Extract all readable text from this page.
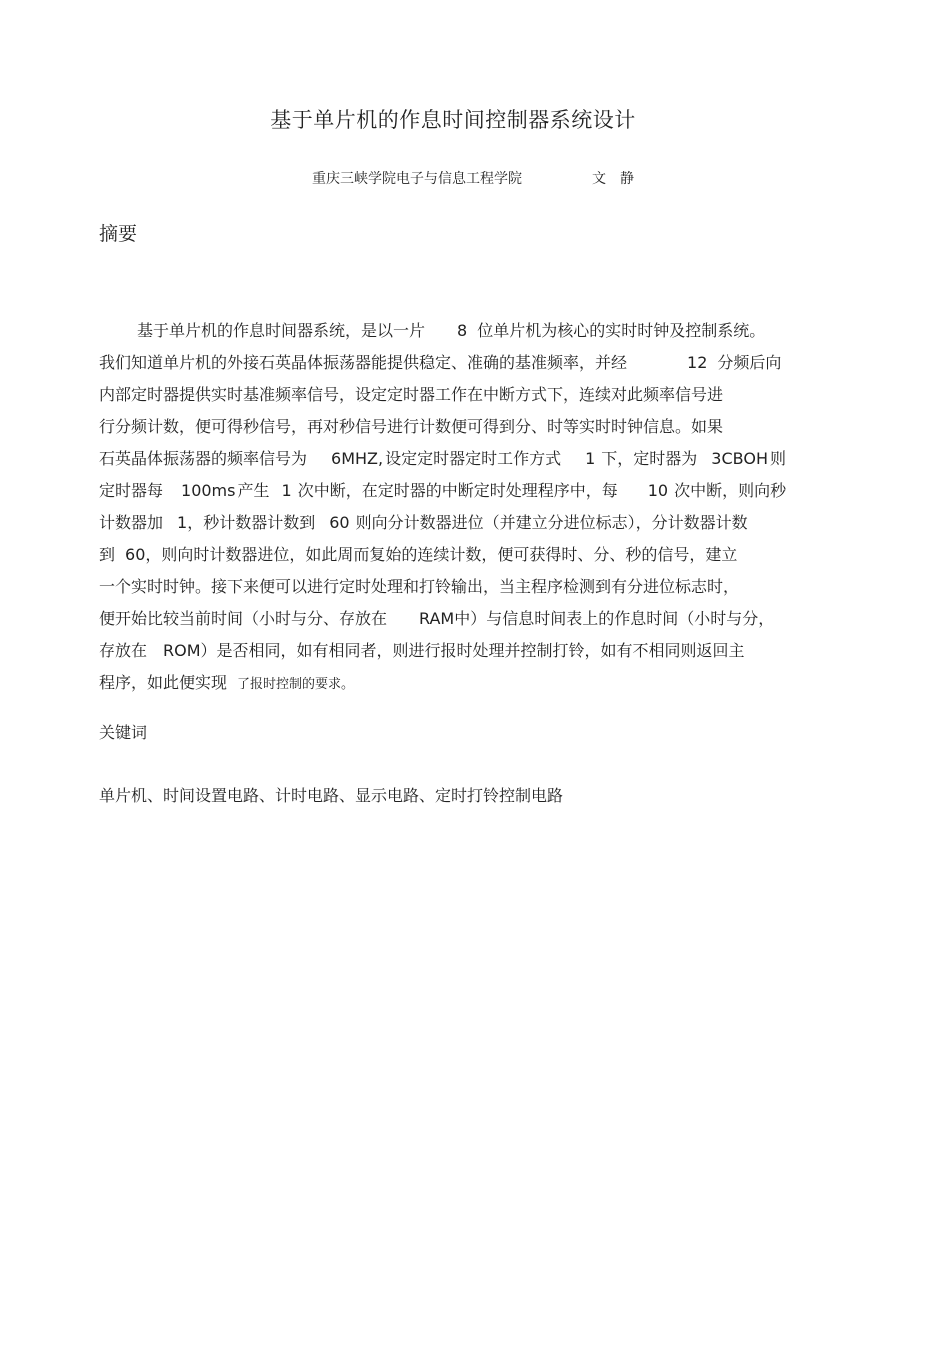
基于单片机的作息时间控制器系统设计
重庆三峡学院电子与信息工程学院	文静
摘要
基于单片机的作息时间器系统，是以一片 8 位单片机为核心的实时时钟及控制系统。
我们知道单片机的外接石英晶体振荡器能提供稳定、准确的基准频率，并经	12 分频后向
内部定时器提供实时基准频率信号，设定定时器工作在中断方式下，连续对此频率信号进
行分频计数，便可得秒信号，再对秒信号进行计数便可得到分、时等实时时钟信息。如果
石英晶体振荡器的频率信号为 6MHZ, 设定定时器定时工作方式 1 下，定时器为 3CBOH 则
定时器每 100ms 产生 1 次中断，在定时器的中断定时处理程序中，每 10 次中断，则向秒
计数器加 1，秒计数器计数到 60 则向分计数器进位（并建立分进位标志），分计数器计数
到 60，则向时计数器进位，如此周而复始的连续计数，便可获得时、分、秒的信号，建立
一个实时时钟。接下来便可以进行定时处理和打铃输出，当主程序检测到有分进位标志时，
便开始比较当前时间（小时与分、存放在 RAM中）与信息时间表上的作息时间（小时与分，
存放在 ROM）是否相同，如有相同者，则进行报时处理并控制打铃，如有不相同则返回主
程序，如此便实现 了报时控制的要求。
关键词
单片机、时间设置电路、计时电路、显示电路、定时打铃控制电路
